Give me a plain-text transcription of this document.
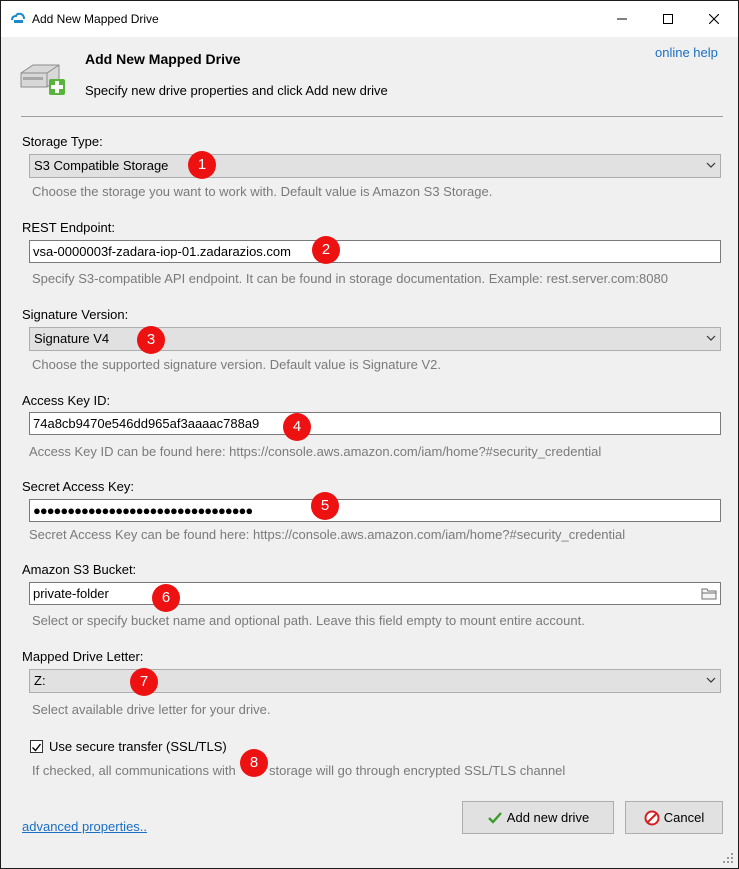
Add New Mapped Drive
Add New Mapped Drive
Specify new drive properties and click Add new drive
online help
Storage Type:
S3 Compatible Storage
Choose the storage you want to work with. Default value is Amazon S3 Storage.
REST Endpoint:
vsa-0000003f-zadara-iop-01.zadarazios.com
Specify S3-compatible API endpoint. It can be found in storage documentation. Example: rest.server.com:8080
Signature Version:
Signature V4
Choose the supported signature version. Default value is Signature V2.
Access Key ID:
74a8cb9470e546dd965af3aaaac788a9
Access Key ID can be found here: https://console.aws.amazon.com/iam/home?#security_credential
Secret Access Key:
●●●●●●●●●●●●●●●●●●●●●●●●●●●●●●●●
Secret Access Key can be found here: https://console.aws.amazon.com/iam/home?#security_credential
Amazon S3 Bucket:
private-folder
Select or specify bucket name and optional path. Leave this field empty to mount entire account.
Mapped Drive Letter:
Z:
Select available drive letter for your drive.
Use secure transfer (SSL/TLS)
If checked, all communications with	storage will go through encrypted SSL/TLS channel
1
2
3
4
5
6
7
8
advanced properties..
Add new drive	Cancel
